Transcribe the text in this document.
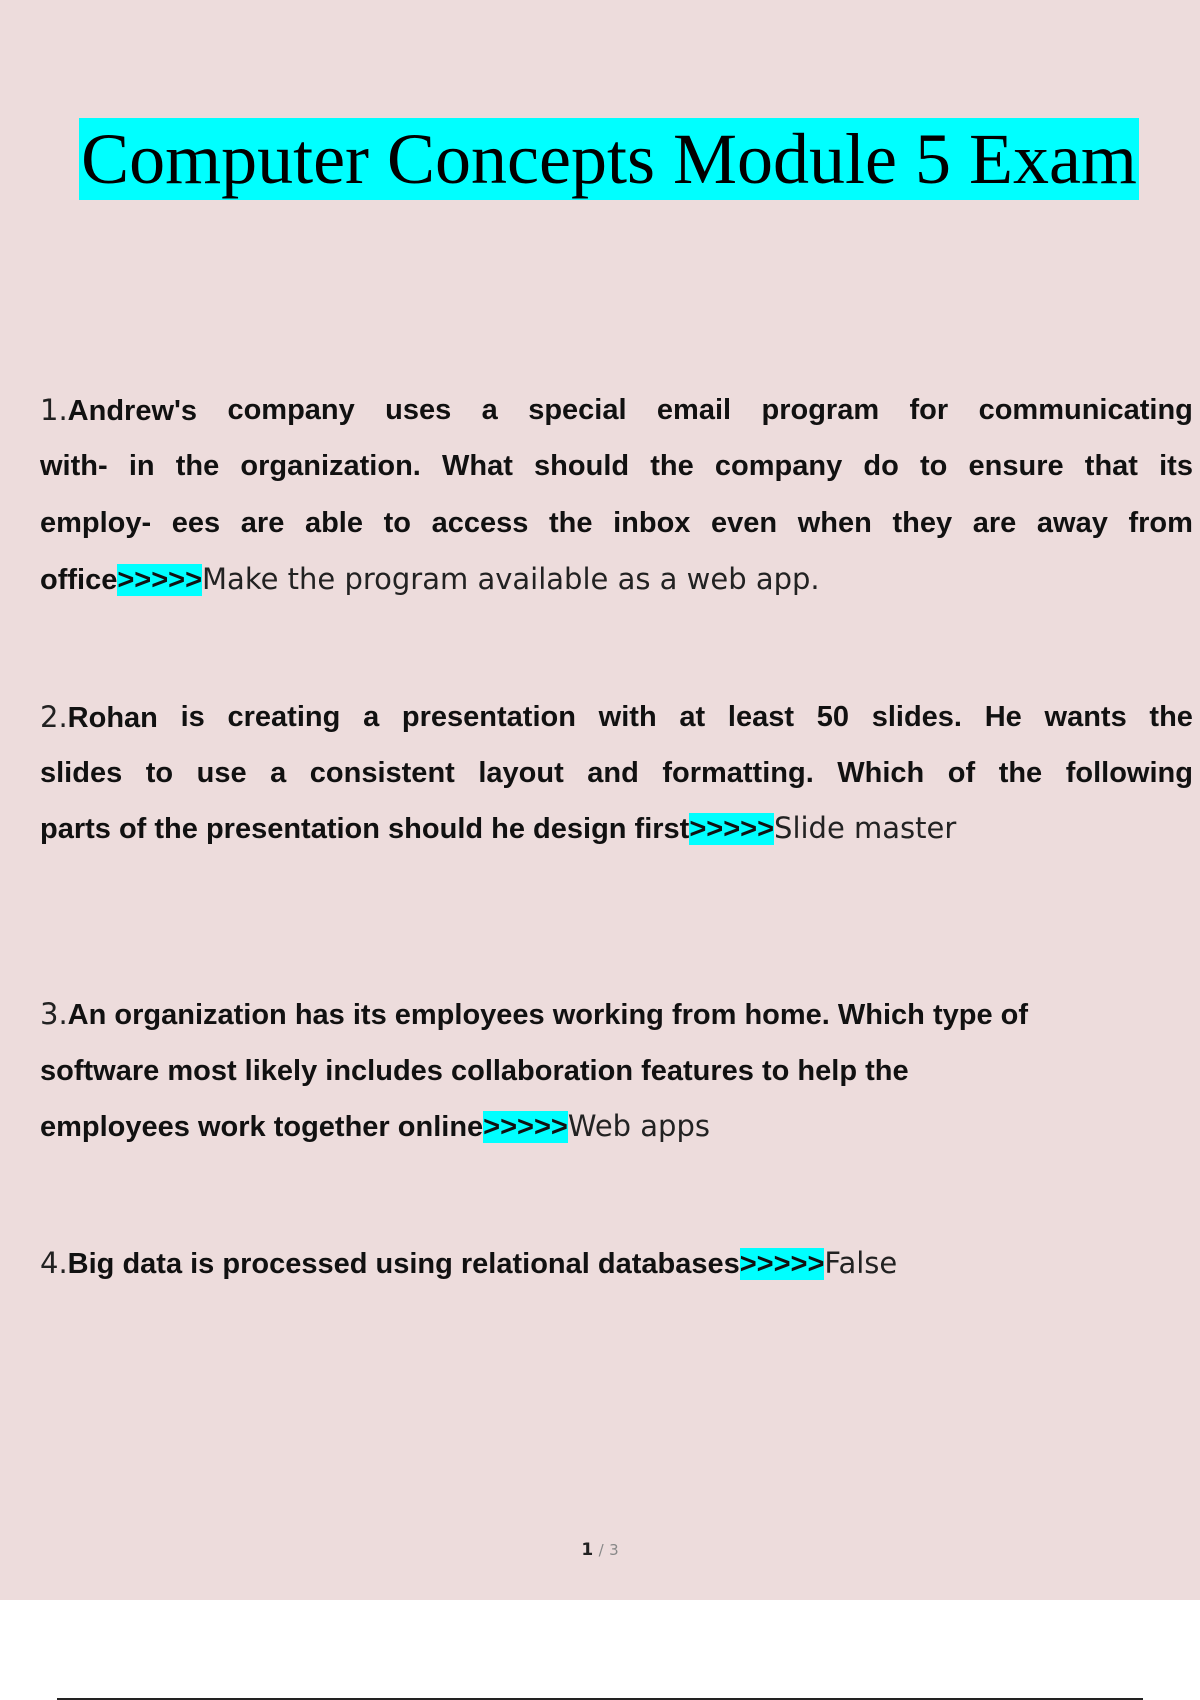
Computer Concepts Module 5 Exam
1.Andrew's company uses a special email program for communicating
with- in the organization. What should the company do to ensure that its
employ- ees are able to access the inbox even when they are away from
office>>>>>Make the program available as a web app.
2.Rohan is creating a presentation with at least 50 slides. He wants the
slides to use a consistent layout and formatting. Which of the following
parts of the presentation should he design first>>>>>Slide master
3.An organization has its employees working from home. Which type of
software most likely includes collaboration features to help the
employees work together online>>>>>Web apps
4.Big data is processed using relational databases>>>>>False
1 / 3
